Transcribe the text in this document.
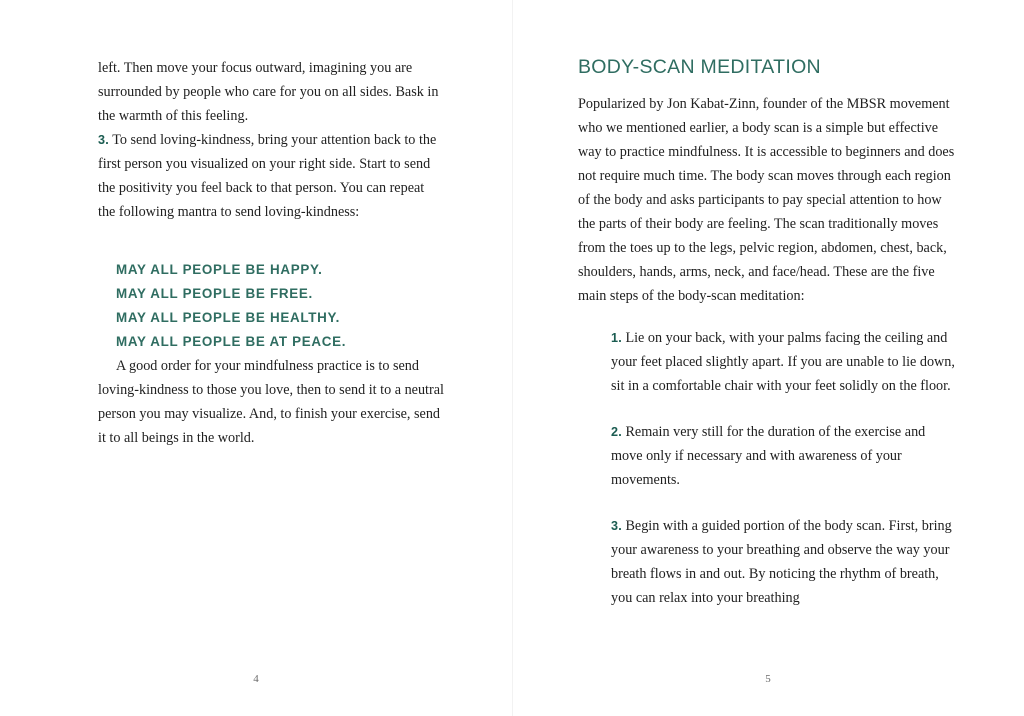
left. Then move your focus outward, imagining you are surrounded by people who care for you on all sides. Bask in the warmth of this feeling.

3. To send loving-kindness, bring your attention back to the first person you visualized on your right side. Start to send the positivity you feel back to that person. You can repeat the following mantra to send loving-kindness:

MAY ALL PEOPLE BE HAPPY.

MAY ALL PEOPLE BE FREE.

MAY ALL PEOPLE BE HEALTHY.

MAY ALL PEOPLE BE AT PEACE.

A good order for your mindfulness practice is to send loving-kindness to those you love, then to send it to a neutral person you may visualize. And, to finish your exercise, send it to all beings in the world.

4
BODY-SCAN MEDITATION

Popularized by Jon Kabat-Zinn, founder of the MBSR movement who we mentioned earlier, a body scan is a simple but effective way to practice mindfulness. It is accessible to beginners and does not require much time. The body scan moves through each region of the body and asks participants to pay special attention to how the parts of their body are feeling. The scan traditionally moves from the toes up to the legs, pelvic region, abdomen, chest, back, shoulders, hands, arms, neck, and face/head. These are the five main steps of the body-scan meditation:

1. Lie on your back, with your palms facing the ceiling and your feet placed slightly apart. If you are unable to lie down, sit in a comfortable chair with your feet solidly on the floor.

2. Remain very still for the duration of the exercise and move only if necessary and with awareness of your movements.

3. Begin with a guided portion of the body scan. First, bring your awareness to your breathing and observe the way your breath flows in and out. By noticing the rhythm of breath, you can relax into your breathing

5
